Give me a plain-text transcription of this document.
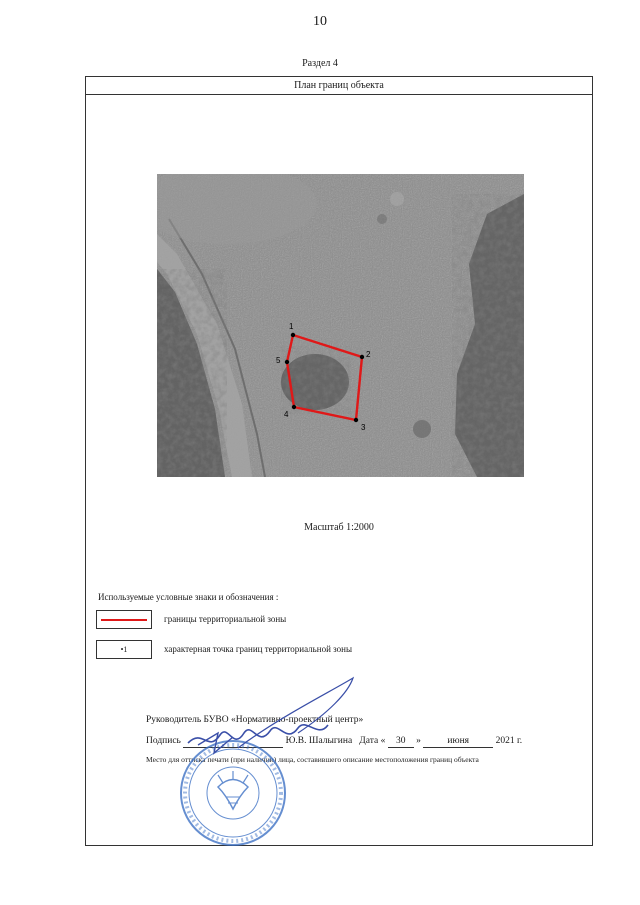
10
Раздел 4
План границ объекта
1
2
3
4
5
Масштаб 1:2000
Используемые условные знаки и обозначения :
границы территориальной зоны
•1	характерная точка границ территориальной зоны
Руководитель БУВО «Нормативно-проектный центр»
Подпись	Ю.В. Шалыгина Дата « 30 »	июня	2021 г.
Место для оттиска печати (при наличии) лица, составившего описание местоположения границ объекта
